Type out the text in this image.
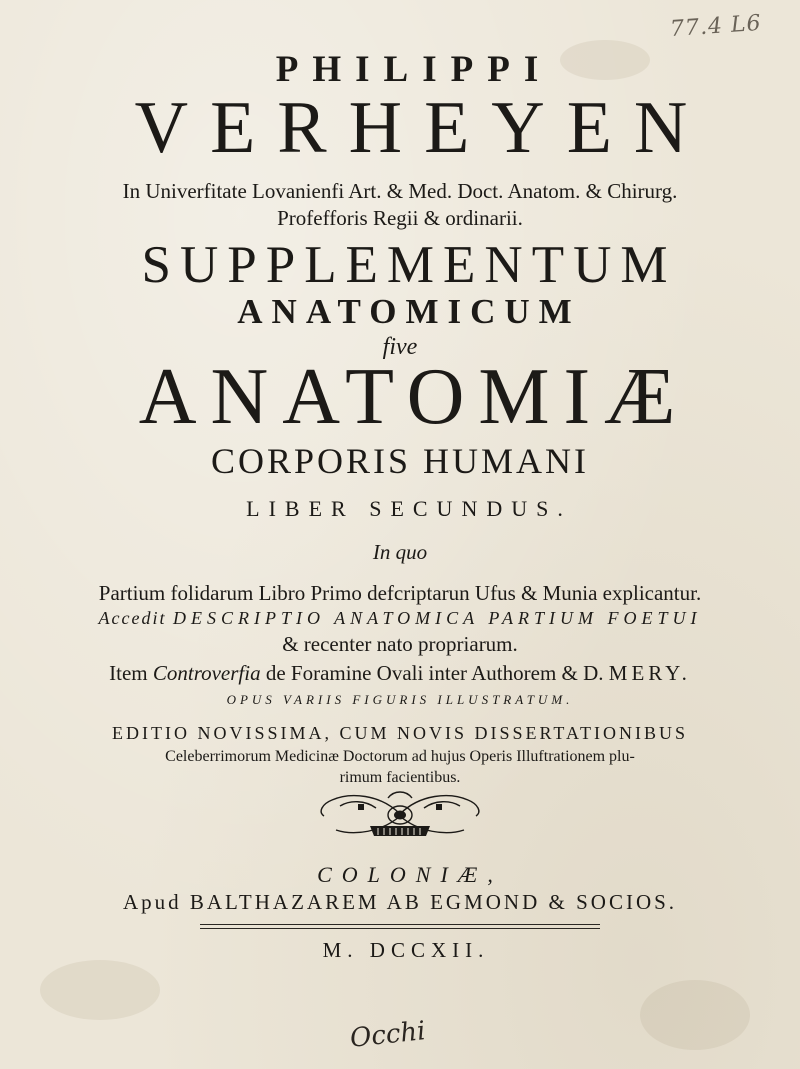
77.4 L6
PHILIPPI
VERHEYEN
In Univerfitate Lovanienfi Art. & Med. Doct. Anatom. & Chirurg.
Profefforis Regii & ordinarii.
SUPPLEMENTUM
ANATOMICUM
five
ANATOMIÆ
CORPORIS HUMANI
LIBER SECUNDUS.
In quo
Partium folidarum Libro Primo defcriptarun Ufus & Munia explicantur.
Accedit DESCRIPTIO ANATOMICA PARTIUM FOETUI
& recenter nato propriarum.
Item Controverfia de Foramine Ovali inter Authorem & D. MERY.
OPUS VARIIS FIGURIS ILLUSTRATUM.
EDITIO NOVISSIMA, CUM NOVIS DISSERTATIONIBUS
Celeberrimorum Medicinæ Doctorum ad hujus Operis Illuftrationem plu-
rimum facientibus.
COLONIÆ,
Apud BALTHAZAREM AB EGMOND & SOCIOS.
M. DCCXII.
Occhi
